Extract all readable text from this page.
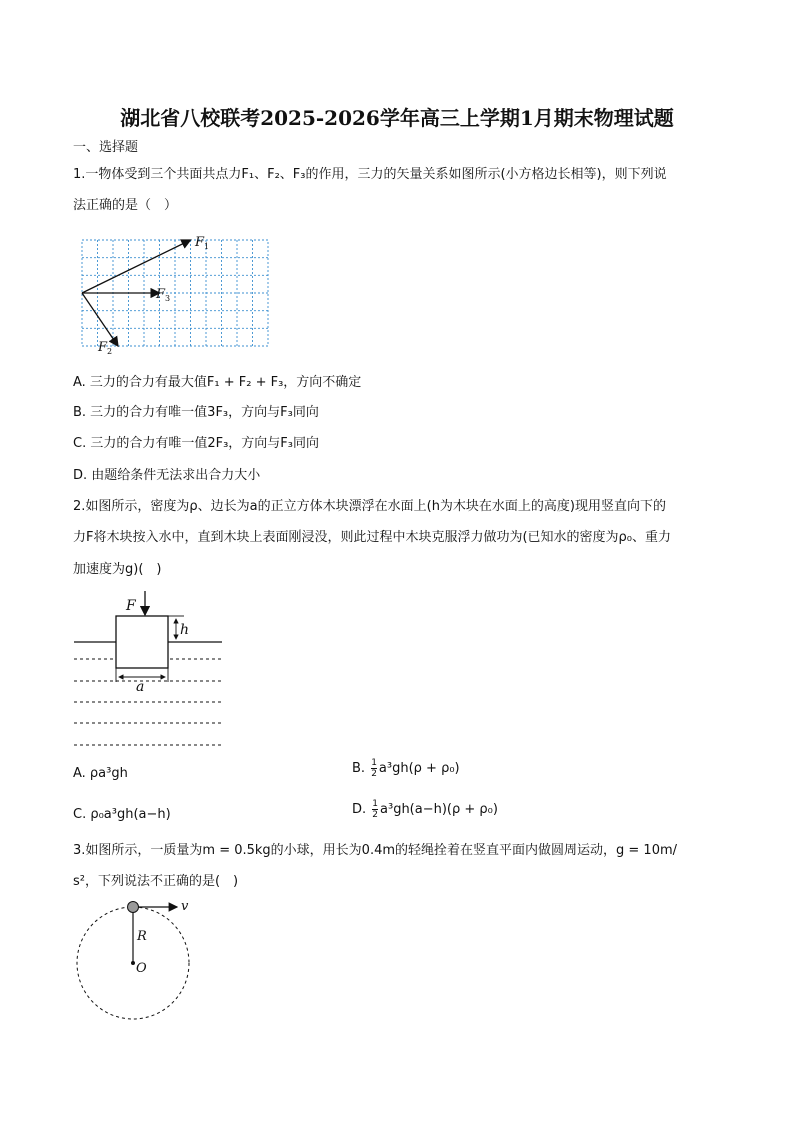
湖北省八校联考2025-2026学年高三上学期1月期末物理试题
一、选择题
1.一物体受到三个共面共点力F₁、F₂、F₃的作用，三力的矢量关系如图所示(小方格边长相等)，则下列说
法正确的是（　）
$F_1$
$F_3$
$F_2$
A. 三力的合力有最大值F₁ + F₂ + F₃，方向不确定
B. 三力的合力有唯一值3F₃，方向与F₃同向
C. 三力的合力有唯一值2F₃，方向与F₃同向
D. 由题给条件无法求出合力大小
2.如图所示，密度为ρ、边长为a的正立方体木块漂浮在水面上(h为木块在水面上的高度)现用竖直向下的
力F将木块按入水中，直到木块上表面刚浸没，则此过程中木块克服浮力做功为(已知水的密度为ρ₀、重力
加速度为g)(　)
F
h
a
A. ρa³gh	B. $\frac{1}{2} a^3gh(\rho + \rho_0)$
C. ρ₀a³gh(a−h)	D. $\frac{1}{2} a^3gh(a-h)(\rho + \rho_0)$
3.如图所示，一质量为m = 0.5kg的小球，用长为0.4m的轻绳拴着在竖直平面内做圆周运动，g = 10m/
s²，下列说法不正确的是(　)
v
R
O
